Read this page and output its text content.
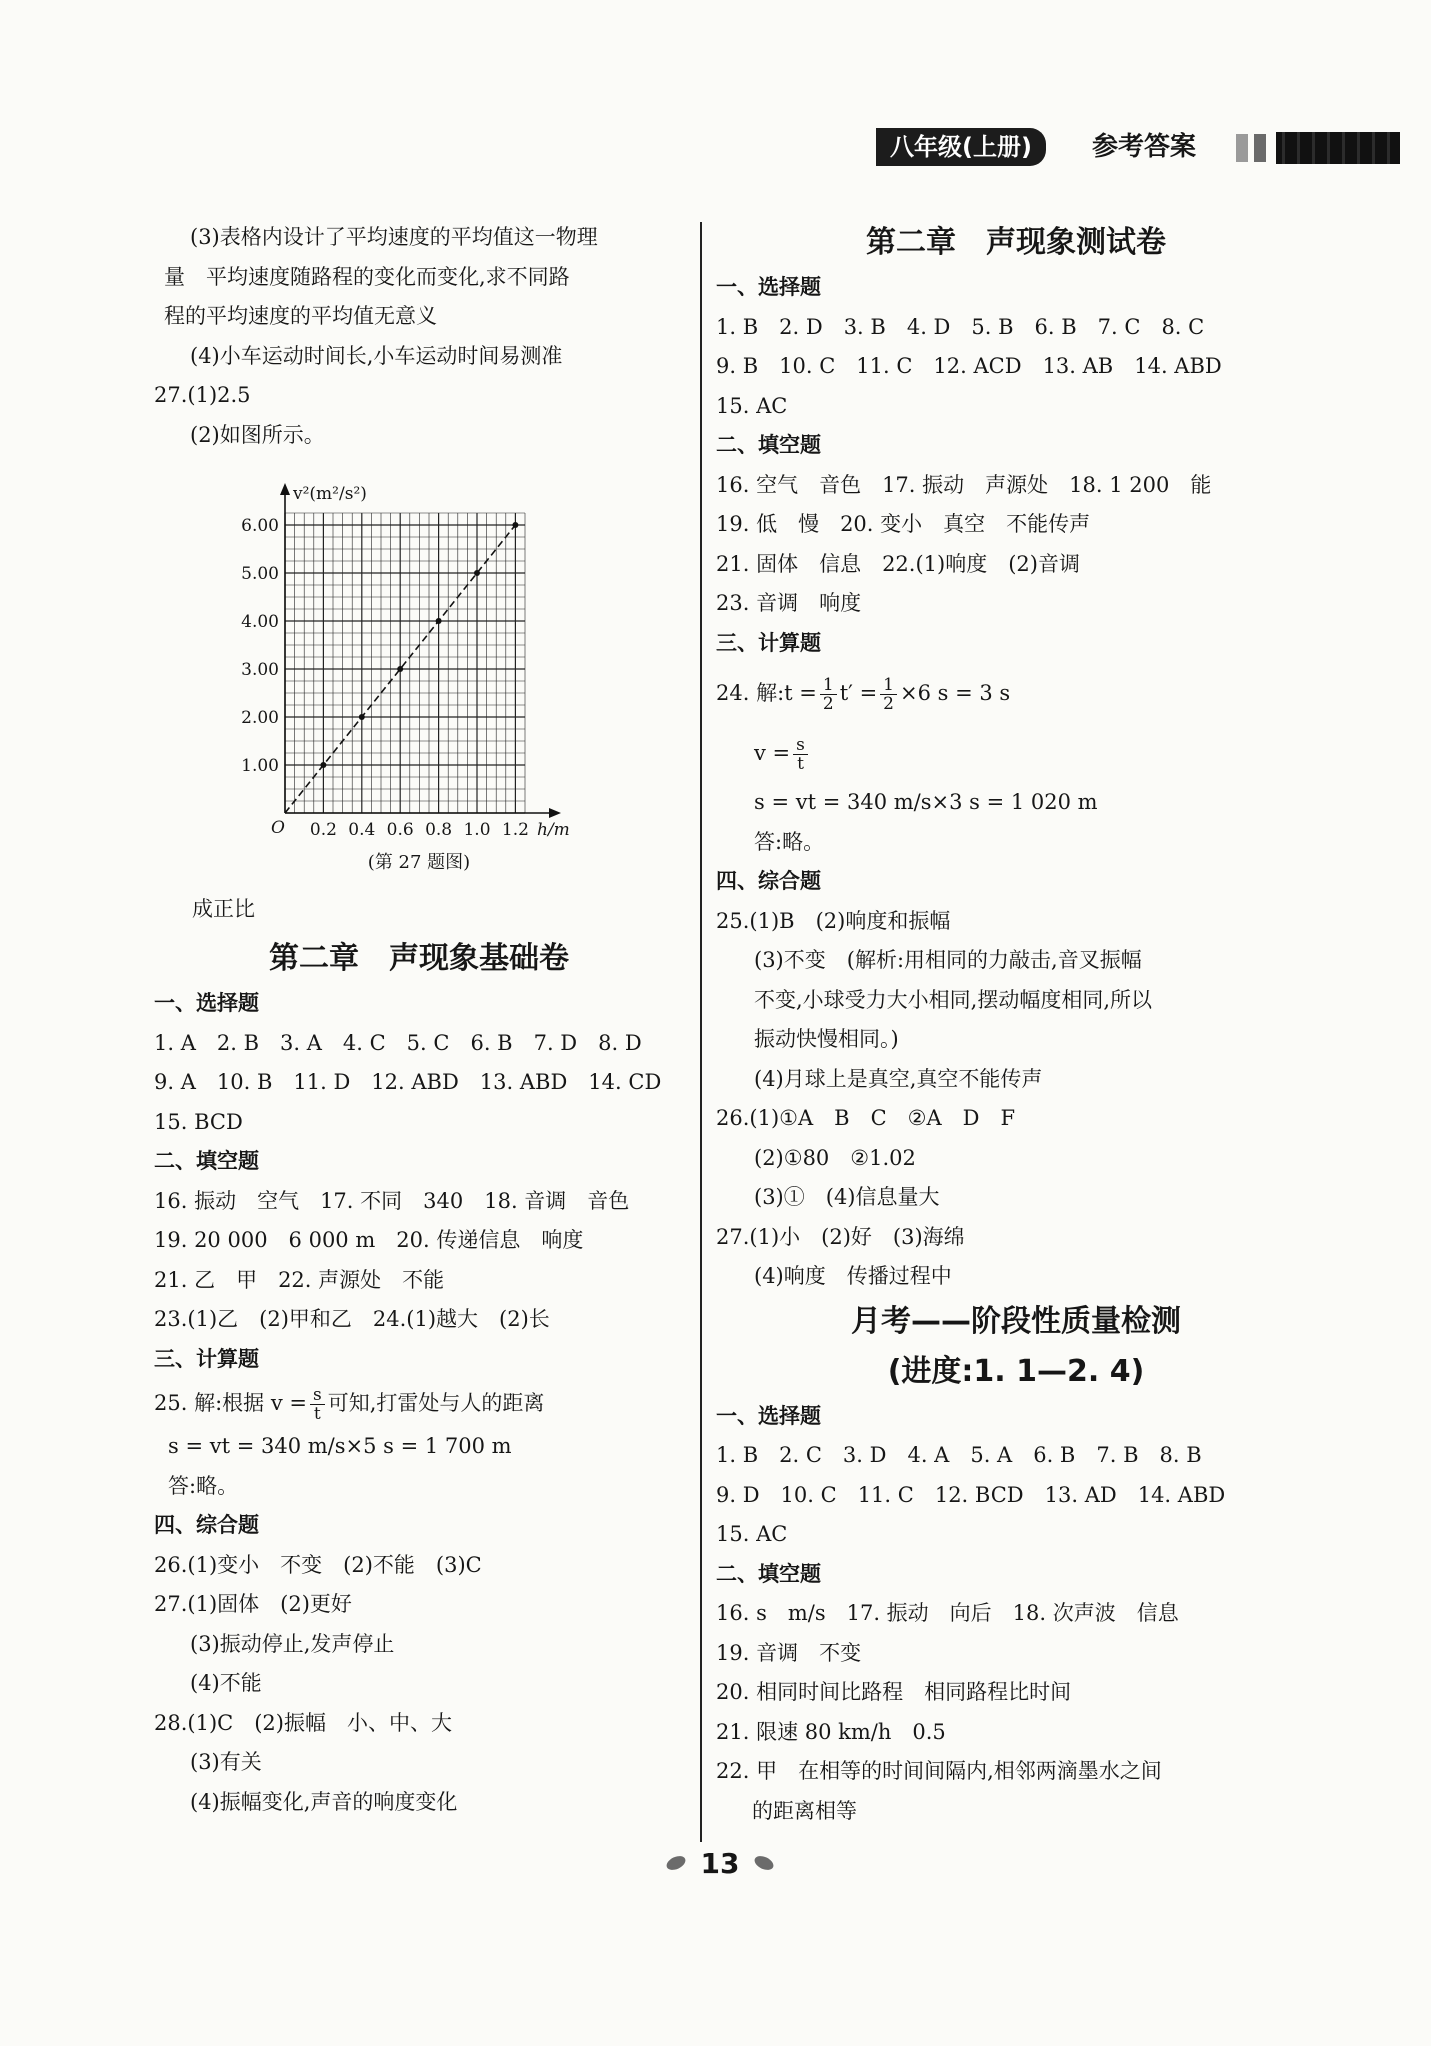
八年级(上册)	参考答案
(3)表格内设计了平均速度的平均值这一物理
量　平均速度随路程的变化而变化,求不同路
程的平均速度的平均值无意义
(4)小车运动时间长,小车运动时间易测准
27.(1)2.5
(2)如图所示。
(第 27 题图)
成正比
第二章　声现象基础卷
一、选择题
1. A　2. B　3. A　4. C　5. C　6. B　7. D　8. D
9. A　10. B　11. D　12. ABD　13. ABD　14. CD
15. BCD
二、填空题
16. 振动　空气　17. 不同　340　18. 音调　音色
19. 20 000　6 000 m　20. 传递信息　响度
21. 乙　甲　22. 声源处　不能
23.(1)乙　(2)甲和乙　24.(1)越大　(2)长
三、计算题
25. 解:根据 $v = \frac{s}{t}$ 可知,打雷处与人的距离
s = vt = 340 m/s×5 s = 1 700 m
答:略。
四、综合题
26.(1)变小　不变　(2)不能　(3)C
27.(1)固体　(2)更好
(3)振动停止,发声停止
(4)不能
28.(1)C　(2)振幅　小、中、大
(3)有关
(4)振幅变化,声音的响度变化
1.00
2.00
3.00
4.00
5.00
6.00
0.2 0.4 0.6 0.8 1.0 1.2
O	h/m
v²(m²/s²)
第二章　声现象测试卷
一、选择题
1. B　2. D　3. B　4. D　5. B　6. B　7. C　8. C
9. B　10. C　11. C　12. ACD　13. AB　14. ABD
15. AC
二、填空题
16. 空气　音色　17. 振动　声源处　18. 1 200　能
19. 低　慢　20. 变小　真空　不能传声
21. 固体　信息　22.(1)响度　(2)音调
23. 音调　响度
三、计算题
24. 解:t = $\frac{1}{2} t' = \frac{1}{2} \times 6$ s = 3 s
$v = \frac{s}{t}$
s = vt = 340 m/s×3 s = 1 020 m
答:略。
四、综合题
25.(1)B　(2)响度和振幅
(3)不变　(解析:用相同的力敲击,音叉振幅
不变,小球受力大小相同,摆动幅度相同,所以
振动快慢相同。)
(4)月球上是真空,真空不能传声
26.(1)①A　B　C　②A　D　F
(2)①80　②1.02
(3)①　(4)信息量大
27.(1)小　(2)好　(3)海绵
(4)响度　传播过程中
月考——阶段性质量检测
(进度:1. 1—2. 4)
一、选择题
1. B　2. C　3. D　4. A　5. A　6. B　7. B　8. B
9. D　10. C　11. C　12. BCD　13. AD　14. ABD
15. AC
二、填空题
16. s　m/s　17. 振动　向后　18. 次声波　信息
19. 音调　不变
20. 相同时间比路程　相同路程比时间
21. 限速 80 km/h　0.5
22. 甲　在相等的时间间隔内,相邻两滴墨水之间
的距离相等
13
